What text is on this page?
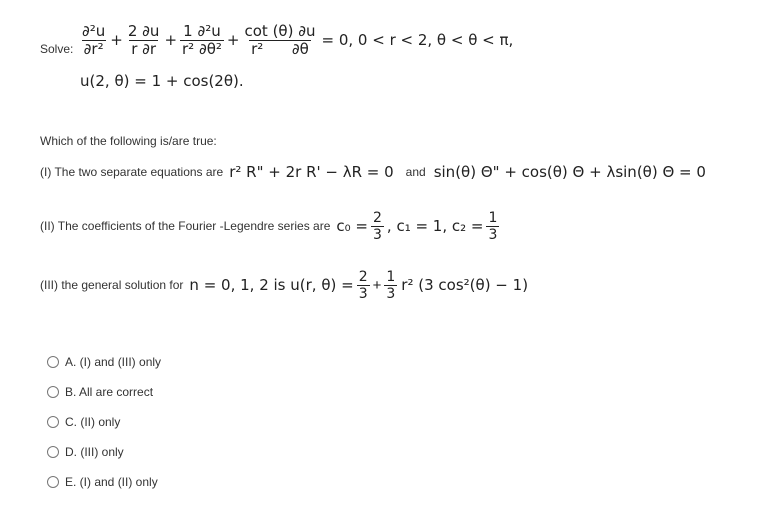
Solve: $\frac{\text{∂²u}}{\text{∂r²}} + \frac{2 \partial u}{r \partial r} + \frac{\text{1 ∂²u}}{\text{r² ∂θ²}} + \frac{\cot (\theta) \partial u}{\text{r²      ∂θ}} = 0$, 0 < r < 2, θ < θ < π,
u(2, θ) = 1 + cos(2θ).
Which of the following is/are true:
(I) The two separate equations are r² R" + 2r R' − λR = 0 and sin(θ) Θ" + cos(θ) Θ + λsin(θ) Θ = 0
(II) The coefficients of the Fourier -Legendre series are $c_0 = \frac{2}{3}$ , c₁ = 1, $c_2 = \frac{1}{3}$
(III) the general solution for n = 0, 1, 2 is u(r, $\theta) = \frac{2}{3} + \frac{1}{3} r^2$ (3 cos²(θ) − 1)
A. (I) and (III) only
B. All are correct
C. (II) only
D. (III) only
E. (I) and (II) only
